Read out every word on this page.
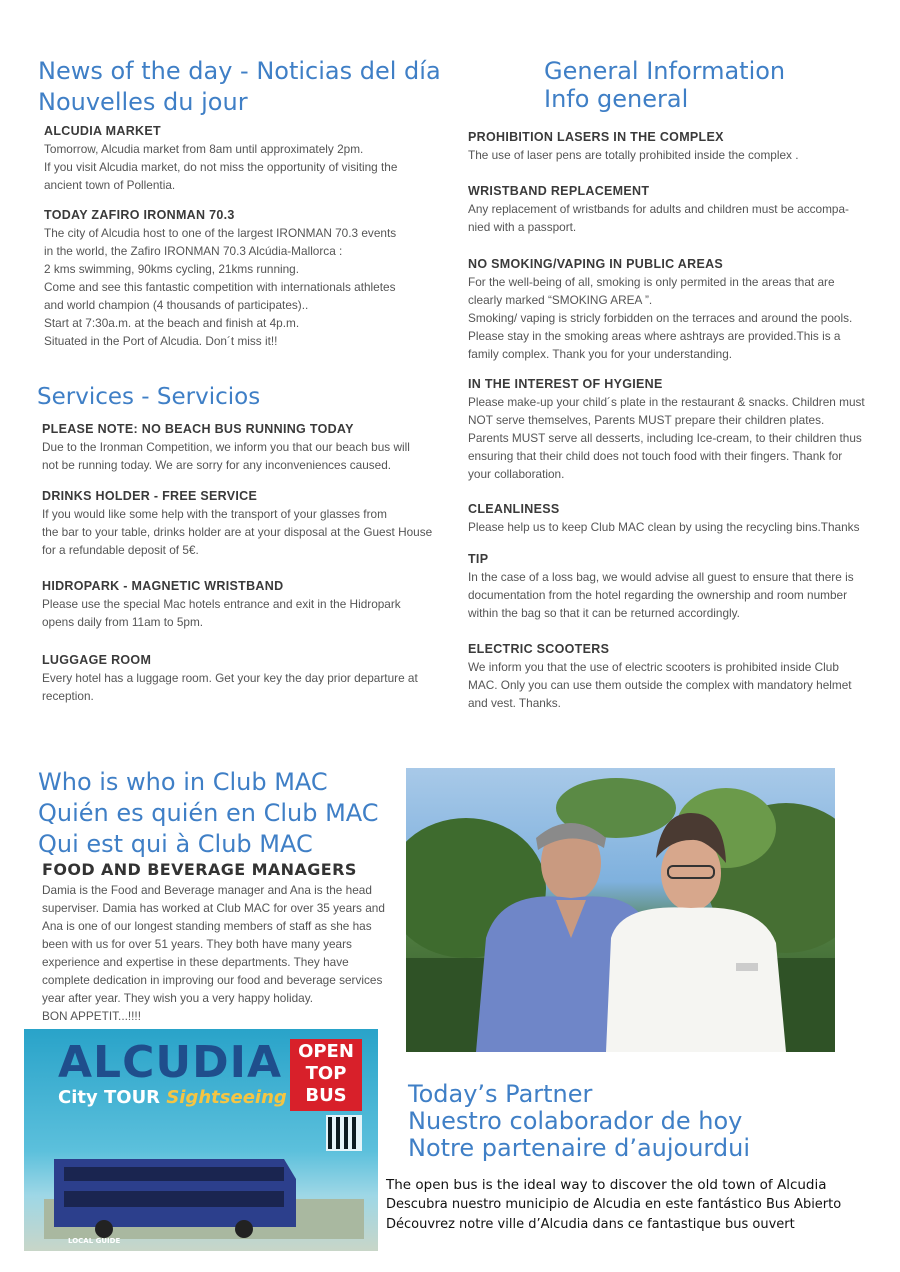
News of the day - Noticias del día
Nouvelles du jour

ALCUDIA MARKET

Tomorrow, Alcudia market from 8am until approximately 2pm.

If you visit Alcudia market, do not miss the opportunity of visiting the

ancient town of Pollentia.

TODAY ZAFIRO IRONMAN 70.3

The city of Alcudia host to one of the largest IRONMAN 70.3 events

in the world, the Zafiro IRONMAN 70.3 Alcúdia-Mallorca :

2 kms swimming, 90kms cycling, 21kms running.

Come and see this fantastic competition with internationals athletes

and world champion (4 thousands of participates)..

Start at 7:30a.m. at the beach and finish at 4p.m.

Situated in the Port of Alcudia. Don´t miss it!!

Services - Servicios

PLEASE NOTE: NO BEACH BUS RUNNING TODAY

Due to the Ironman Competition, we inform you that our beach bus will

not be running today. We are sorry for any inconveniences caused.

DRINKS HOLDER - FREE SERVICE

If you would like some help with the transport of your glasses from

the bar to your table, drinks holder are at your disposal at the Guest House

for a refundable deposit of 5€.

HIDROPARK - MAGNETIC WRISTBAND

Please use the special Mac hotels entrance and exit in the Hidropark

opens daily from 11am to 5pm.

LUGGAGE ROOM

Every hotel has a luggage room. Get your key the day prior departure at

reception.

General Information
Info general

PROHIBITION LASERS IN THE COMPLEX

The use of laser pens are totally prohibited inside the complex .

WRISTBAND REPLACEMENT

Any replacement of wristbands for adults and children must be accompa-

nied with a passport.

NO SMOKING/VAPING IN PUBLIC AREAS

For the well-being of all, smoking is only permited in the areas that are

clearly marked “SMOKING AREA ”.

Smoking/ vaping is stricly forbidden on the terraces and around the pools.

Please stay in the smoking areas where ashtrays are provided.This is a

family complex. Thank you for your understanding.

IN THE INTEREST OF HYGIENE

Please make-up your child´s plate in the restaurant & snacks. Children must

NOT serve themselves, Parents MUST prepare their children plates.

Parents MUST serve all desserts, including Ice-cream, to their children thus

ensuring that their child does not touch food with their fingers. Thank for

your collaboration.

CLEANLINESS

Please help us to keep Club MAC clean by using the recycling bins.Thanks

TIP

In the case of a loss bag, we would advise all guest to ensure that there is

documentation from the hotel regarding the ownership and room number

within the bag so that it can be returned accordingly.

ELECTRIC SCOOTERS

We inform you that the use of electric scooters is prohibited inside Club

MAC. Only you can use them outside the complex with mandatory helmet

and vest. Thanks.

Who is who in Club MAC
Quién es quién en Club MAC
Qui est qui à Club MAC
FOOD AND BEVERAGE MANAGERS

Damia is the Food and Beverage manager and Ana is the head

superviser. Damia has worked at Club MAC for over 35 years and

Ana is one of our longest standing members of staff as she has

been with us for over 51 years. They both have many years

experience and expertise in these departments. They have

complete dedication in improving our food and beverage services

year after year. They wish you a very happy holiday.

BON APPETIT...!!!!

ALCUDIA
City TOUR Sightseeing
OPEN
TOP
BUS
LOCAL GUIDE
Today’s Partner
Nuestro colaborador de hoy
Notre partenaire d’aujourdui
The open bus is the ideal way to discover the old town of Alcudia
Descubra nuestro municipio de Alcudia en este fantástico Bus Abierto
Découvrez notre ville d’Alcudia dans ce fantastique bus ouvert
